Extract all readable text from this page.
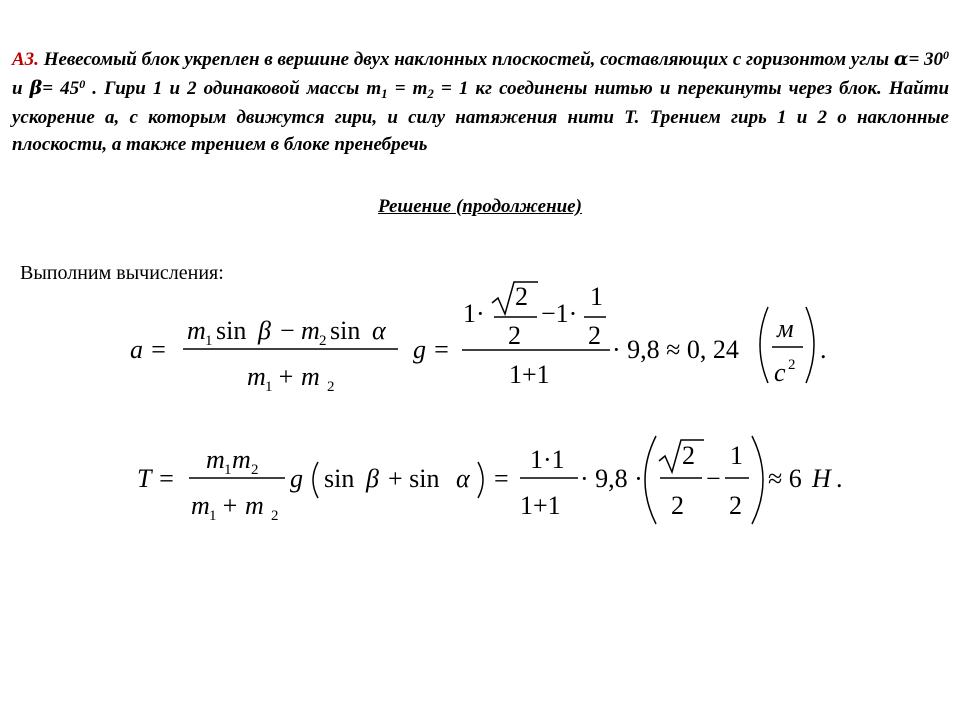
А3. Невесомый блок укреплен в вершине двух наклонных плоскостей, составляющих с горизонтом углы $\alpha= 30^0$ и $\beta= 45^0$ . Гири 1 и 2 одинаковой массы $m_1 = m_2 = 1$ кг соединены нитью и перекинуты через блок. Найти ускорение а, с которым движутся гири, и силу натяжения нити Т. Трением гирь 1 и 2 о наклонные плоскости, а также трением в блоке пренебречь

Решение (продолжение)
Выполним вычисления:
a =
m 1 sin β − m 2 sin α
m 1 + m 2
g =
1·
2
2
−1·
1
2
1+1
· 9,8 ≈ 0, 24
м
с 2
.
T =
m 1 m 2
m 1 + m 2
g sin β + sin α =
1·1
1+1
· 9,8 ·
2
2
−
1
2
≈ 6 H .
